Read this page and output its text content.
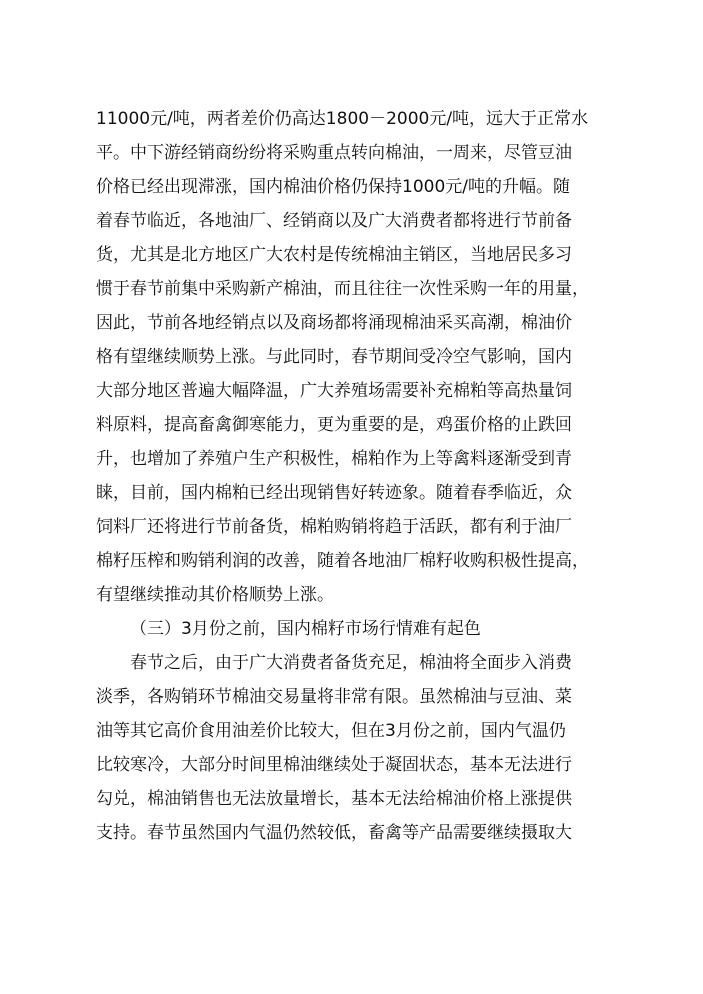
11000元/吨，两者差价仍高达1800－2000元/吨，远大于正常水
平。中下游经销商纷纷将采购重点转向棉油，一周来，尽管豆油
价格已经出现滞涨，国内棉油价格仍保持1000元/吨的升幅。随
着春节临近，各地油厂、经销商以及广大消费者都将进行节前备
货，尤其是北方地区广大农村是传统棉油主销区，当地居民多习
惯于春节前集中采购新产棉油，而且往往一次性采购一年的用量，
因此，节前各地经销点以及商场都将涌现棉油采买高潮，棉油价
格有望继续顺势上涨。与此同时，春节期间受冷空气影响，国内
大部分地区普遍大幅降温，广大养殖场需要补充棉粕等高热量饲
料原料，提高畜禽御寒能力，更为重要的是，鸡蛋价格的止跌回
升，也增加了养殖户生产积极性，棉粕作为上等禽料逐渐受到青
睐，目前，国内棉粕已经出现销售好转迹象。随着春季临近，众
饲料厂还将进行节前备货，棉粕购销将趋于活跃，都有利于油厂
棉籽压榨和购销利润的改善，随着各地油厂棉籽收购积极性提高，
有望继续推动其价格顺势上涨。
（三）3月份之前，国内棉籽市场行情难有起色
春节之后，由于广大消费者备货充足，棉油将全面步入消费
淡季，各购销环节棉油交易量将非常有限。虽然棉油与豆油、菜
油等其它高价食用油差价比较大，但在3月份之前，国内气温仍
比较寒冷，大部分时间里棉油继续处于凝固状态，基本无法进行
勾兑，棉油销售也无法放量增长，基本无法给棉油价格上涨提供
支持。春节虽然国内气温仍然较低，畜禽等产品需要继续摄取大
